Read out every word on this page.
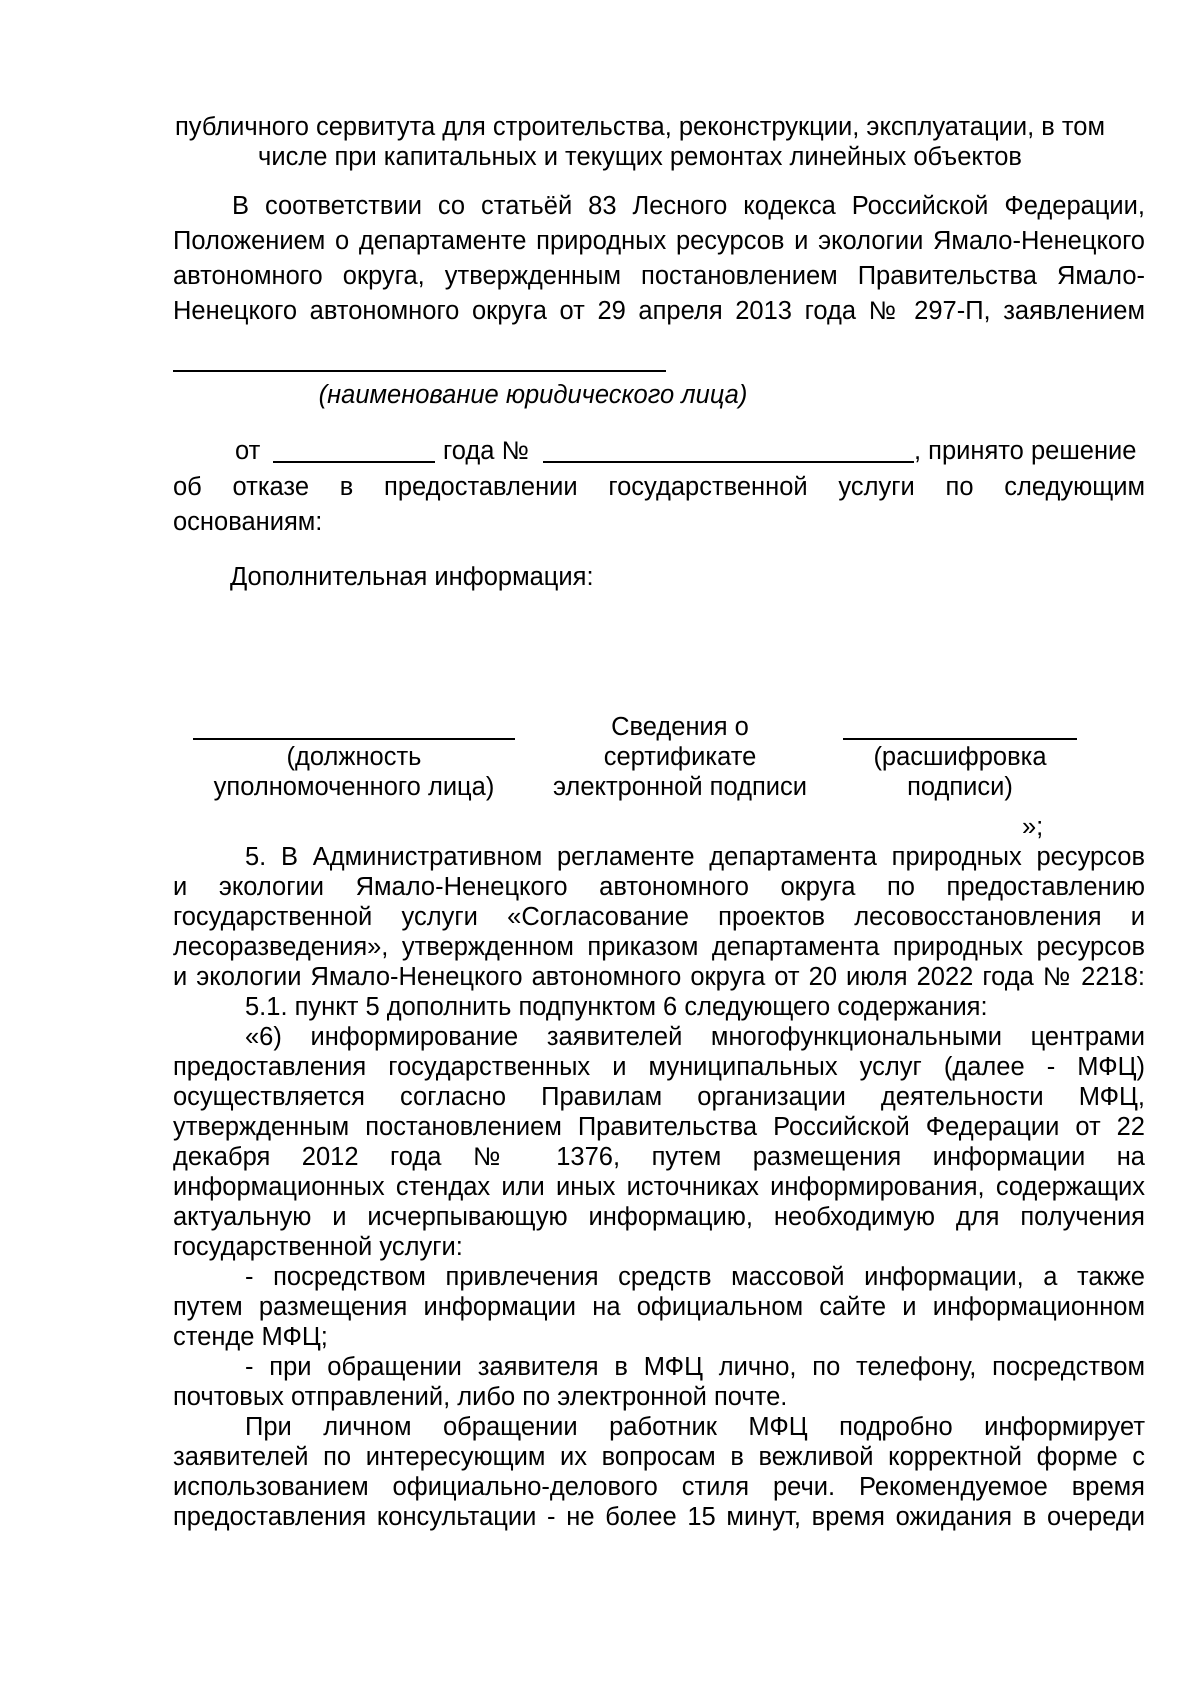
публичного сервитута для строительства, реконструкции, эксплуатации, в том
числе при капитальных и текущих ремонтах линейных объектов
В соответствии со статьёй 83 Лесного кодекса Российской Федерации,
Положением о департаменте природных ресурсов и экологии Ямало-Ненецкого
автономного округа, утвержденным постановлением Правительства Ямало-
Ненецкого автономного округа от 29 апреля 2013 года № 297-П, заявлением
(наименование юридического лица)
от	года №	, принято решение
об отказе в предоставлении государственной услуги по следующим
основаниям:
Дополнительная информация:
(должность
уполномоченного лица)
Сведения о
сертификате
электронной подписи
(расшифровка
подписи)
»;
5. В Административном регламенте департамента природных ресурсов
и экологии Ямало-Ненецкого автономного округа по предоставлению
государственной услуги «Согласование проектов лесовосстановления и
лесоразведения», утвержденном приказом департамента природных ресурсов
и экологии Ямало-Ненецкого автономного округа от 20 июля 2022 года № 2218:
5.1. пункт 5 дополнить подпунктом 6 следующего содержания:
«6) информирование заявителей многофункциональными центрами
предоставления государственных и муниципальных услуг (далее - МФЦ)
осуществляется согласно Правилам организации деятельности МФЦ,
утвержденным постановлением Правительства Российской Федерации от 22
декабря 2012 года № 1376, путем размещения информации на
информационных стендах или иных источниках информирования, содержащих
актуальную и исчерпывающую информацию, необходимую для получения
государственной услуги:
- посредством привлечения средств массовой информации, а также
путем размещения информации на официальном сайте и информационном
стенде МФЦ;
- при обращении заявителя в МФЦ лично, по телефону, посредством
почтовых отправлений, либо по электронной почте.
При личном обращении работник МФЦ подробно информирует
заявителей по интересующим их вопросам в вежливой корректной форме с
использованием официально-делового стиля речи. Рекомендуемое время
предоставления консультации - не более 15 минут, время ожидания в очереди
